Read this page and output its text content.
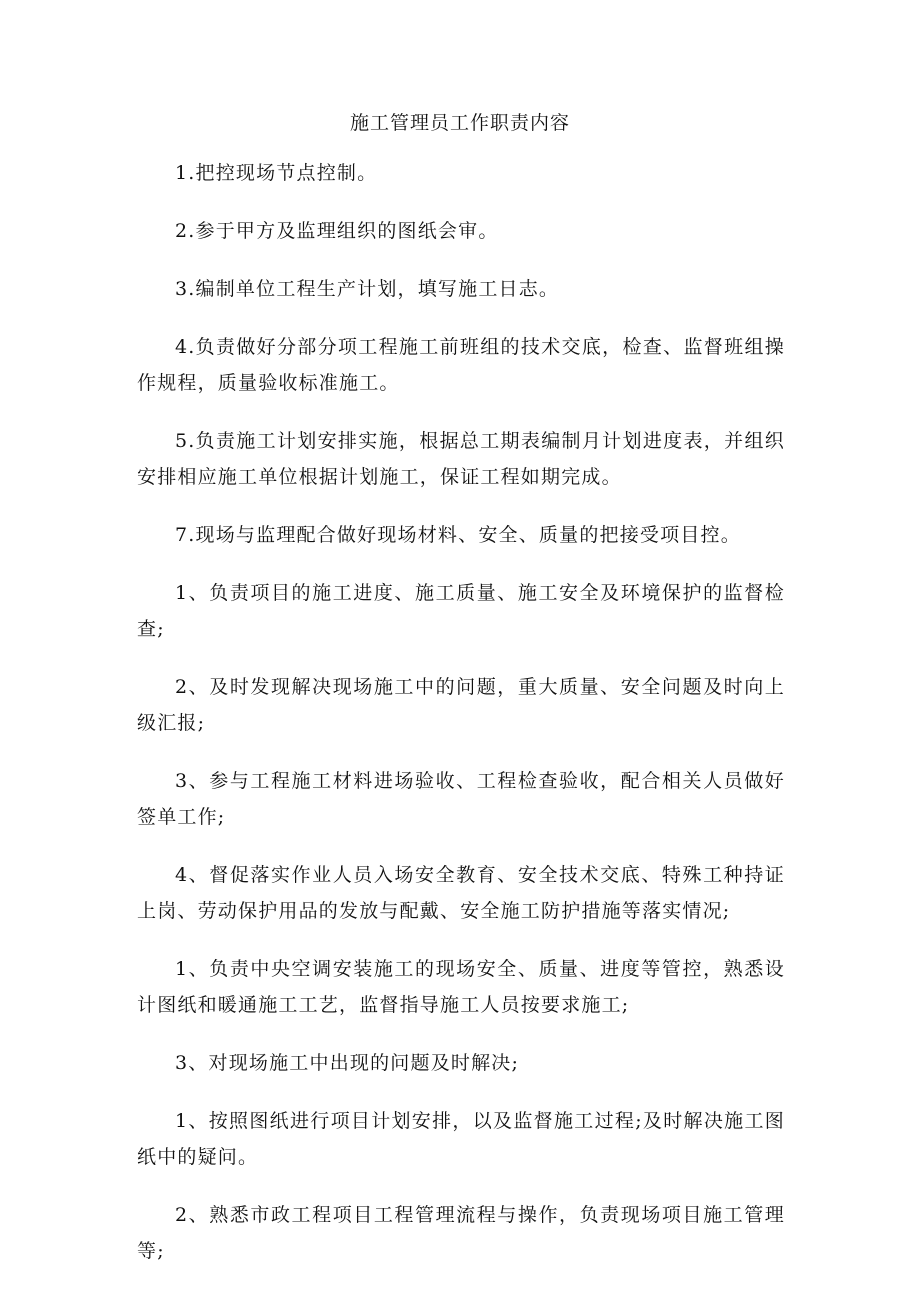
施工管理员工作职责内容

1.把控现场节点控制。

2.参于甲方及监理组织的图纸会审。

3.编制单位工程生产计划，填写施工日志。

4.负责做好分部分项工程施工前班组的技术交底，检查、监督班组操作规程，质量验收标准施工。

5.负责施工计划安排实施，根据总工期表编制月计划进度表，并组织安排相应施工单位根据计划施工，保证工程如期完成。

7.现场与监理配合做好现场材料、安全、质量的把接受项目控。

1、负责项目的施工进度、施工质量、施工安全及环境保护的监督检查;

2、及时发现解决现场施工中的问题，重大质量、安全问题及时向上级汇报;

3、参与工程施工材料进场验收、工程检查验收，配合相关人员做好签单工作;

4、督促落实作业人员入场安全教育、安全技术交底、特殊工种持证上岗、劳动保护用品的发放与配戴、安全施工防护措施等落实情况;

1、负责中央空调安装施工的现场安全、质量、进度等管控，熟悉设计图纸和暖通施工工艺，监督指导施工人员按要求施工;

3、对现场施工中出现的问题及时解决;

1、按照图纸进行项目计划安排，以及监督施工过程;及时解决施工图纸中的疑问。

2、熟悉市政工程项目工程管理流程与操作，负责现场项目施工管理等;
